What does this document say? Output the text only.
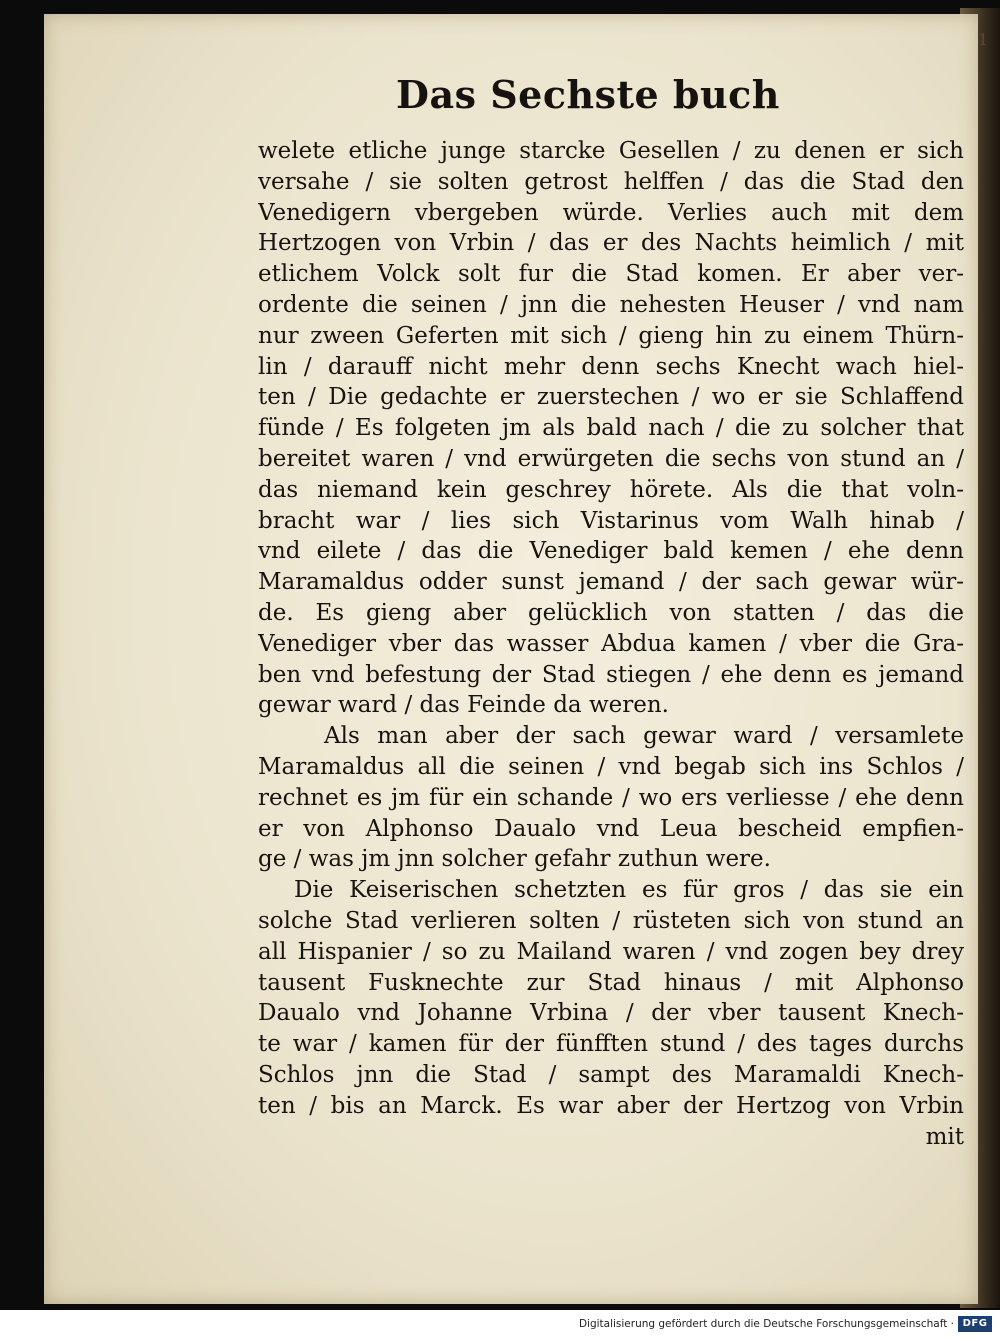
1
Das Sechste buch
welete etliche junge starcke Gesellen / zu denen er sich
versahe / sie solten getrost helffen / das die Stad den
Venedigern vbergeben würde. Verlies auch mit dem
Hertzogen von Vrbin / das er des Nachts heimlich / mit
etlichem Volck solt fur die Stad komen. Er aber ver-
ordente die seinen / jnn die nehesten Heuser / vnd nam
nur zween Geferten mit sich / gieng hin zu einem Thürn-
lin / darauff nicht mehr denn sechs Knecht wach hiel-
ten / Die gedachte er zuerstechen / wo er sie Schlaffend
fünde / Es folgeten jm als bald nach / die zu solcher that
bereitet waren / vnd erwürgeten die sechs von stund an /
das niemand kein geschrey hörete. Als die that voln-
bracht war / lies sich Vistarinus vom Walh hinab /
vnd eilete / das die Venediger bald kemen / ehe denn
Maramaldus odder sunst jemand / der sach gewar wür-
de. Es gieng aber gelücklich von statten / das die
Venediger vber das wasser Abdua kamen / vber die Gra-
ben vnd befestung der Stad stiegen / ehe denn es jemand
gewar ward / das Feinde da weren.
Als man aber der sach gewar ward / versamlete
Maramaldus all die seinen / vnd begab sich ins Schlos /
rechnet es jm für ein schande / wo ers verliesse / ehe denn
er von Alphonso Daualo vnd Leua bescheid empfien-
ge / was jm jnn solcher gefahr zuthun were.
Die Keiserischen schetzten es für gros / das sie ein
solche Stad verlieren solten / rüsteten sich von stund an
all Hispanier / so zu Mailand waren / vnd zogen bey drey
tausent Fusknechte zur Stad hinaus / mit Alphonso
Daualo vnd Johanne Vrbina / der vber tausent Knech-
te war / kamen für der fünfften stund / des tages durchs
Schlos jnn die Stad / sampt des Maramaldi Knech-
ten / bis an Marck. Es war aber der Hertzog von Vrbin
mit
Digitalisierung gefördert durch die Deutsche Forschungsgemeinschaft · DFG
